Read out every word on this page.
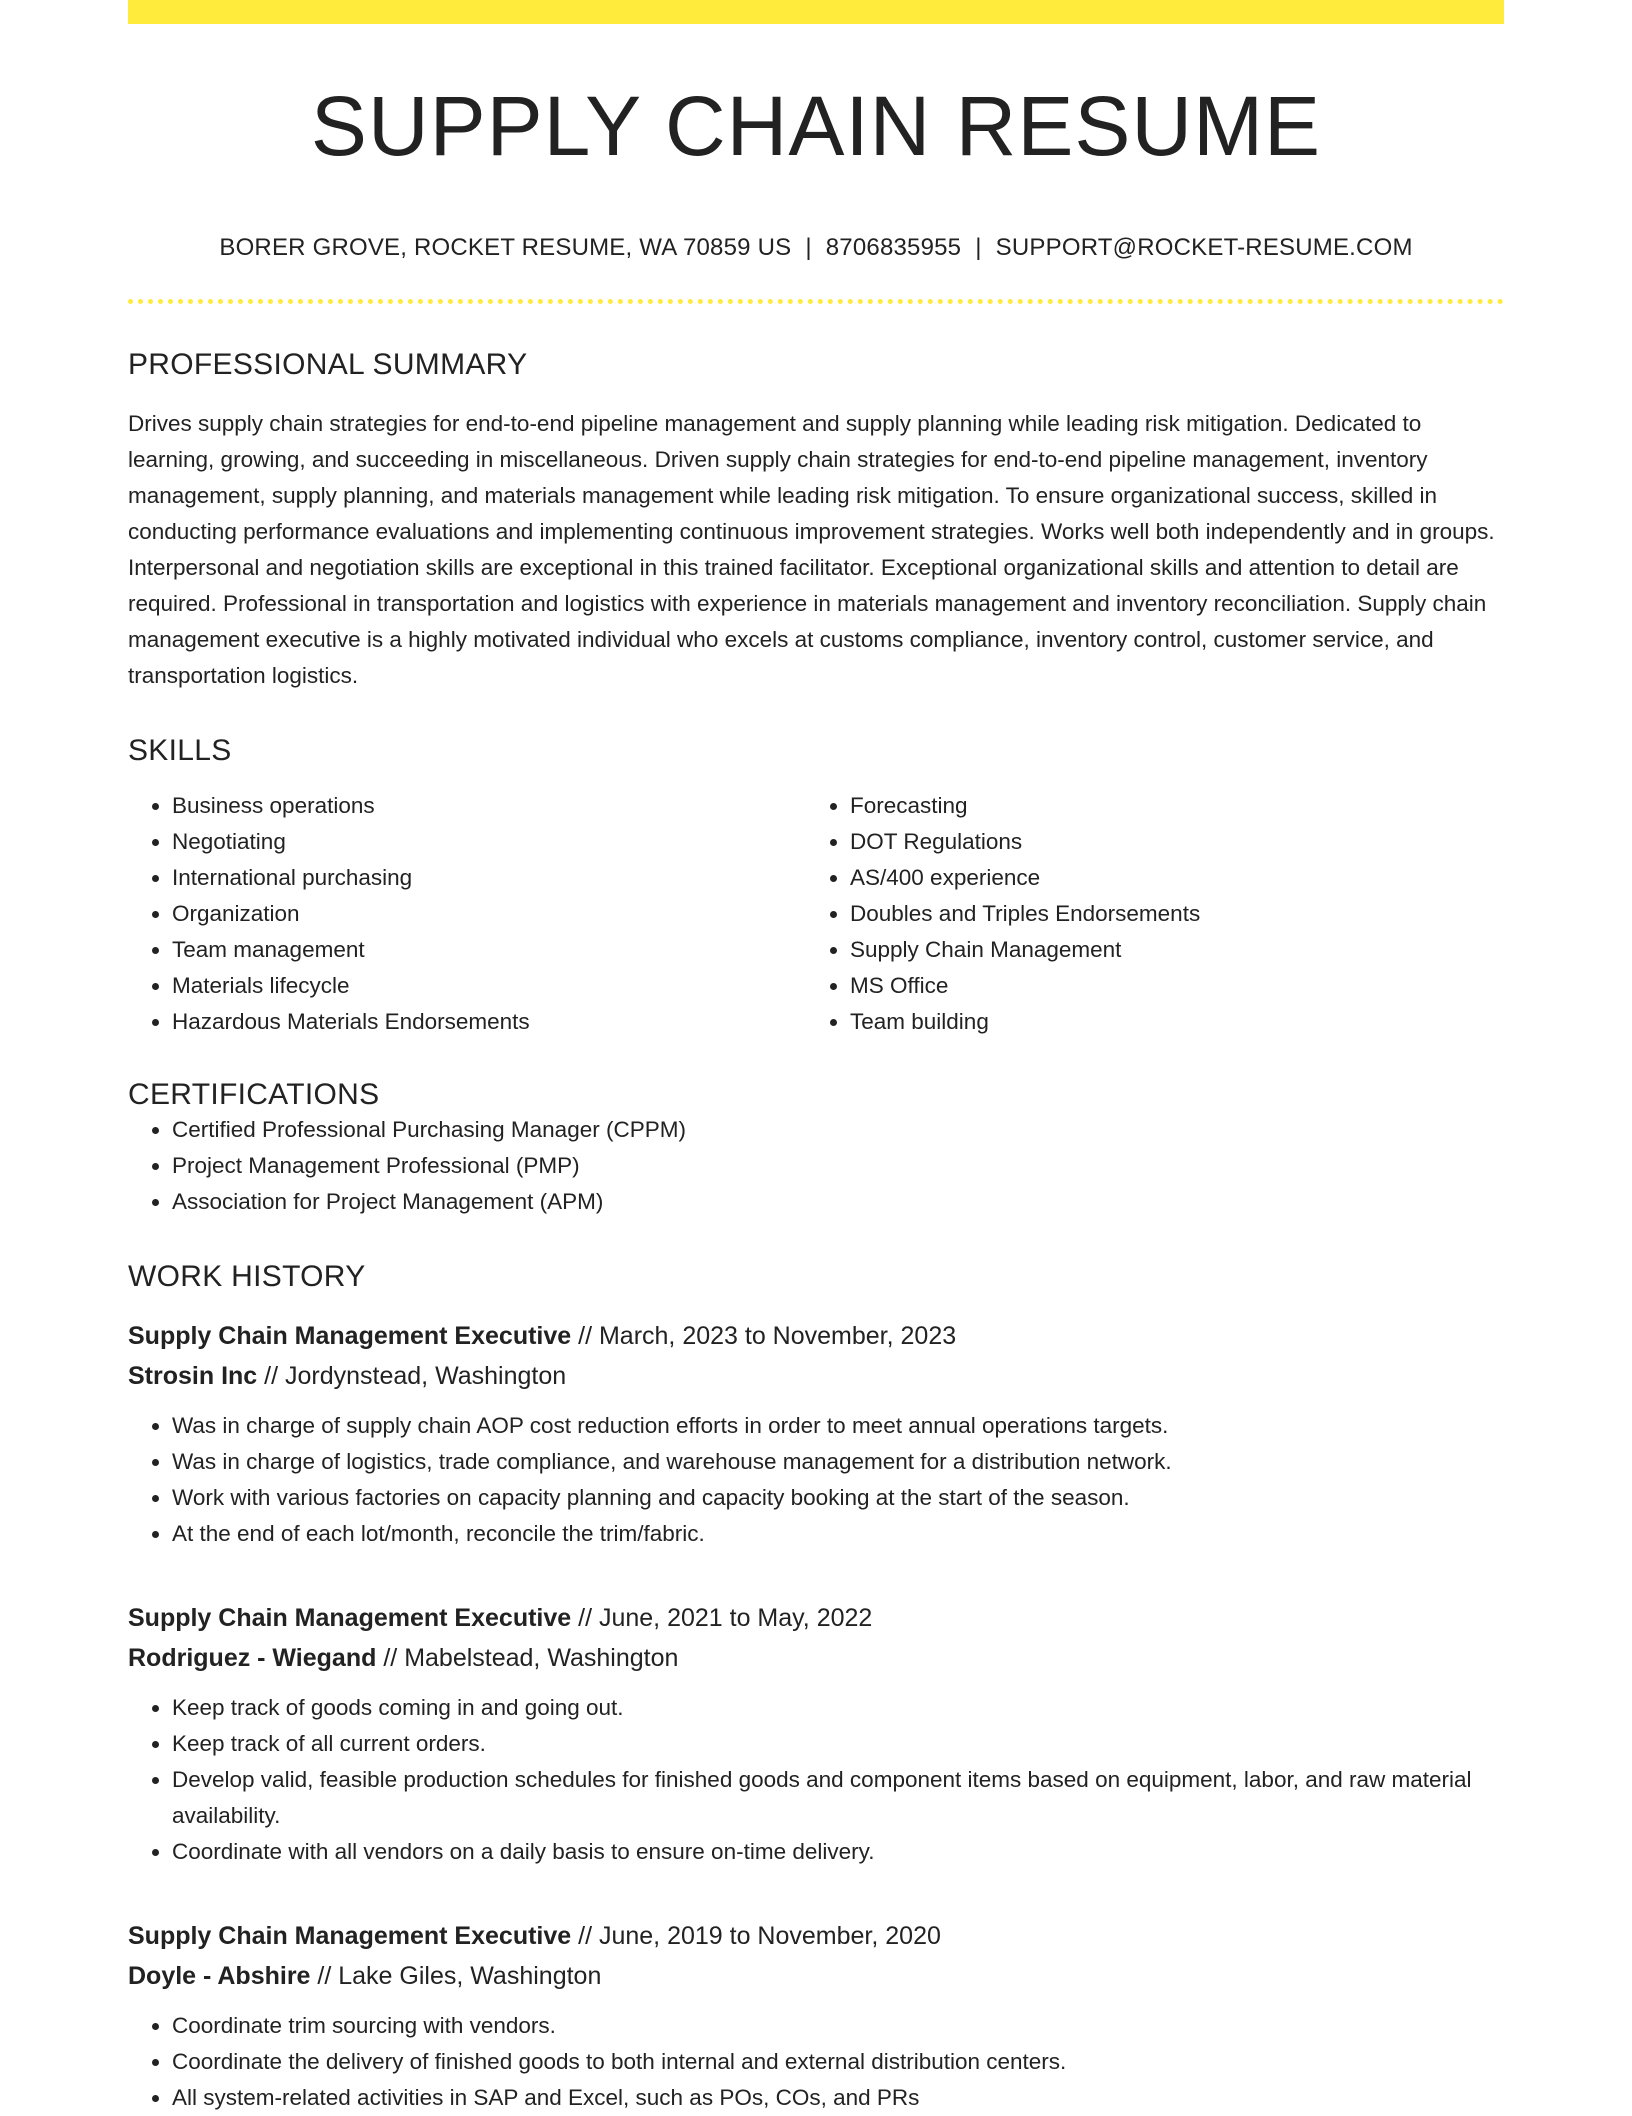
SUPPLY CHAIN RESUME
BORER GROVE, ROCKET RESUME, WA 70859 US | 8706835955 | SUPPORT@ROCKET-RESUME.COM
PROFESSIONAL SUMMARY

Drives supply chain strategies for end-to-end pipeline management and supply planning while leading risk mitigation. Dedicated to learning, growing, and succeeding in miscellaneous. Driven supply chain strategies for end-to-end pipeline management, inventory management, supply planning, and materials management while leading risk mitigation. To ensure organizational success, skilled in conducting performance evaluations and implementing continuous improvement strategies. Works well both independently and in groups. Interpersonal and negotiation skills are exceptional in this trained facilitator. Exceptional organizational skills and attention to detail are required. Professional in transportation and logistics with experience in materials management and inventory reconciliation. Supply chain management executive is a highly motivated individual who excels at customs compliance, inventory control, customer service, and transportation logistics.

SKILLS
• Business operations
• Negotiating
• International purchasing
• Organization
• Team management
• Materials lifecycle
• Hazardous Materials Endorsements
• Forecasting
• DOT Regulations
• AS/400 experience
• Doubles and Triples Endorsements
• Supply Chain Management
• MS Office
• Team building
CERTIFICATIONS
• Certified Professional Purchasing Manager (CPPM)
• Project Management Professional (PMP)
• Association for Project Management (APM)
WORK HISTORY
Supply Chain Management Executive // March, 2023 to November, 2023
Strosin Inc // Jordynstead, Washington
• Was in charge of supply chain AOP cost reduction efforts in order to meet annual operations targets.
• Was in charge of logistics, trade compliance, and warehouse management for a distribution network.
• Work with various factories on capacity planning and capacity booking at the start of the season.
• At the end of each lot/month, reconcile the trim/fabric.
Supply Chain Management Executive // June, 2021 to May, 2022
Rodriguez - Wiegand // Mabelstead, Washington
• Keep track of goods coming in and going out.
• Keep track of all current orders.
• Develop valid, feasible production schedules for finished goods and component items based on equipment, labor, and raw material availability.
• Coordinate with all vendors on a daily basis to ensure on-time delivery.
Supply Chain Management Executive // June, 2019 to November, 2020
Doyle - Abshire // Lake Giles, Washington
• Coordinate trim sourcing with vendors.
• Coordinate the delivery of finished goods to both internal and external distribution centers.
• All system-related activities in SAP and Excel, such as POs, COs, and PRs
